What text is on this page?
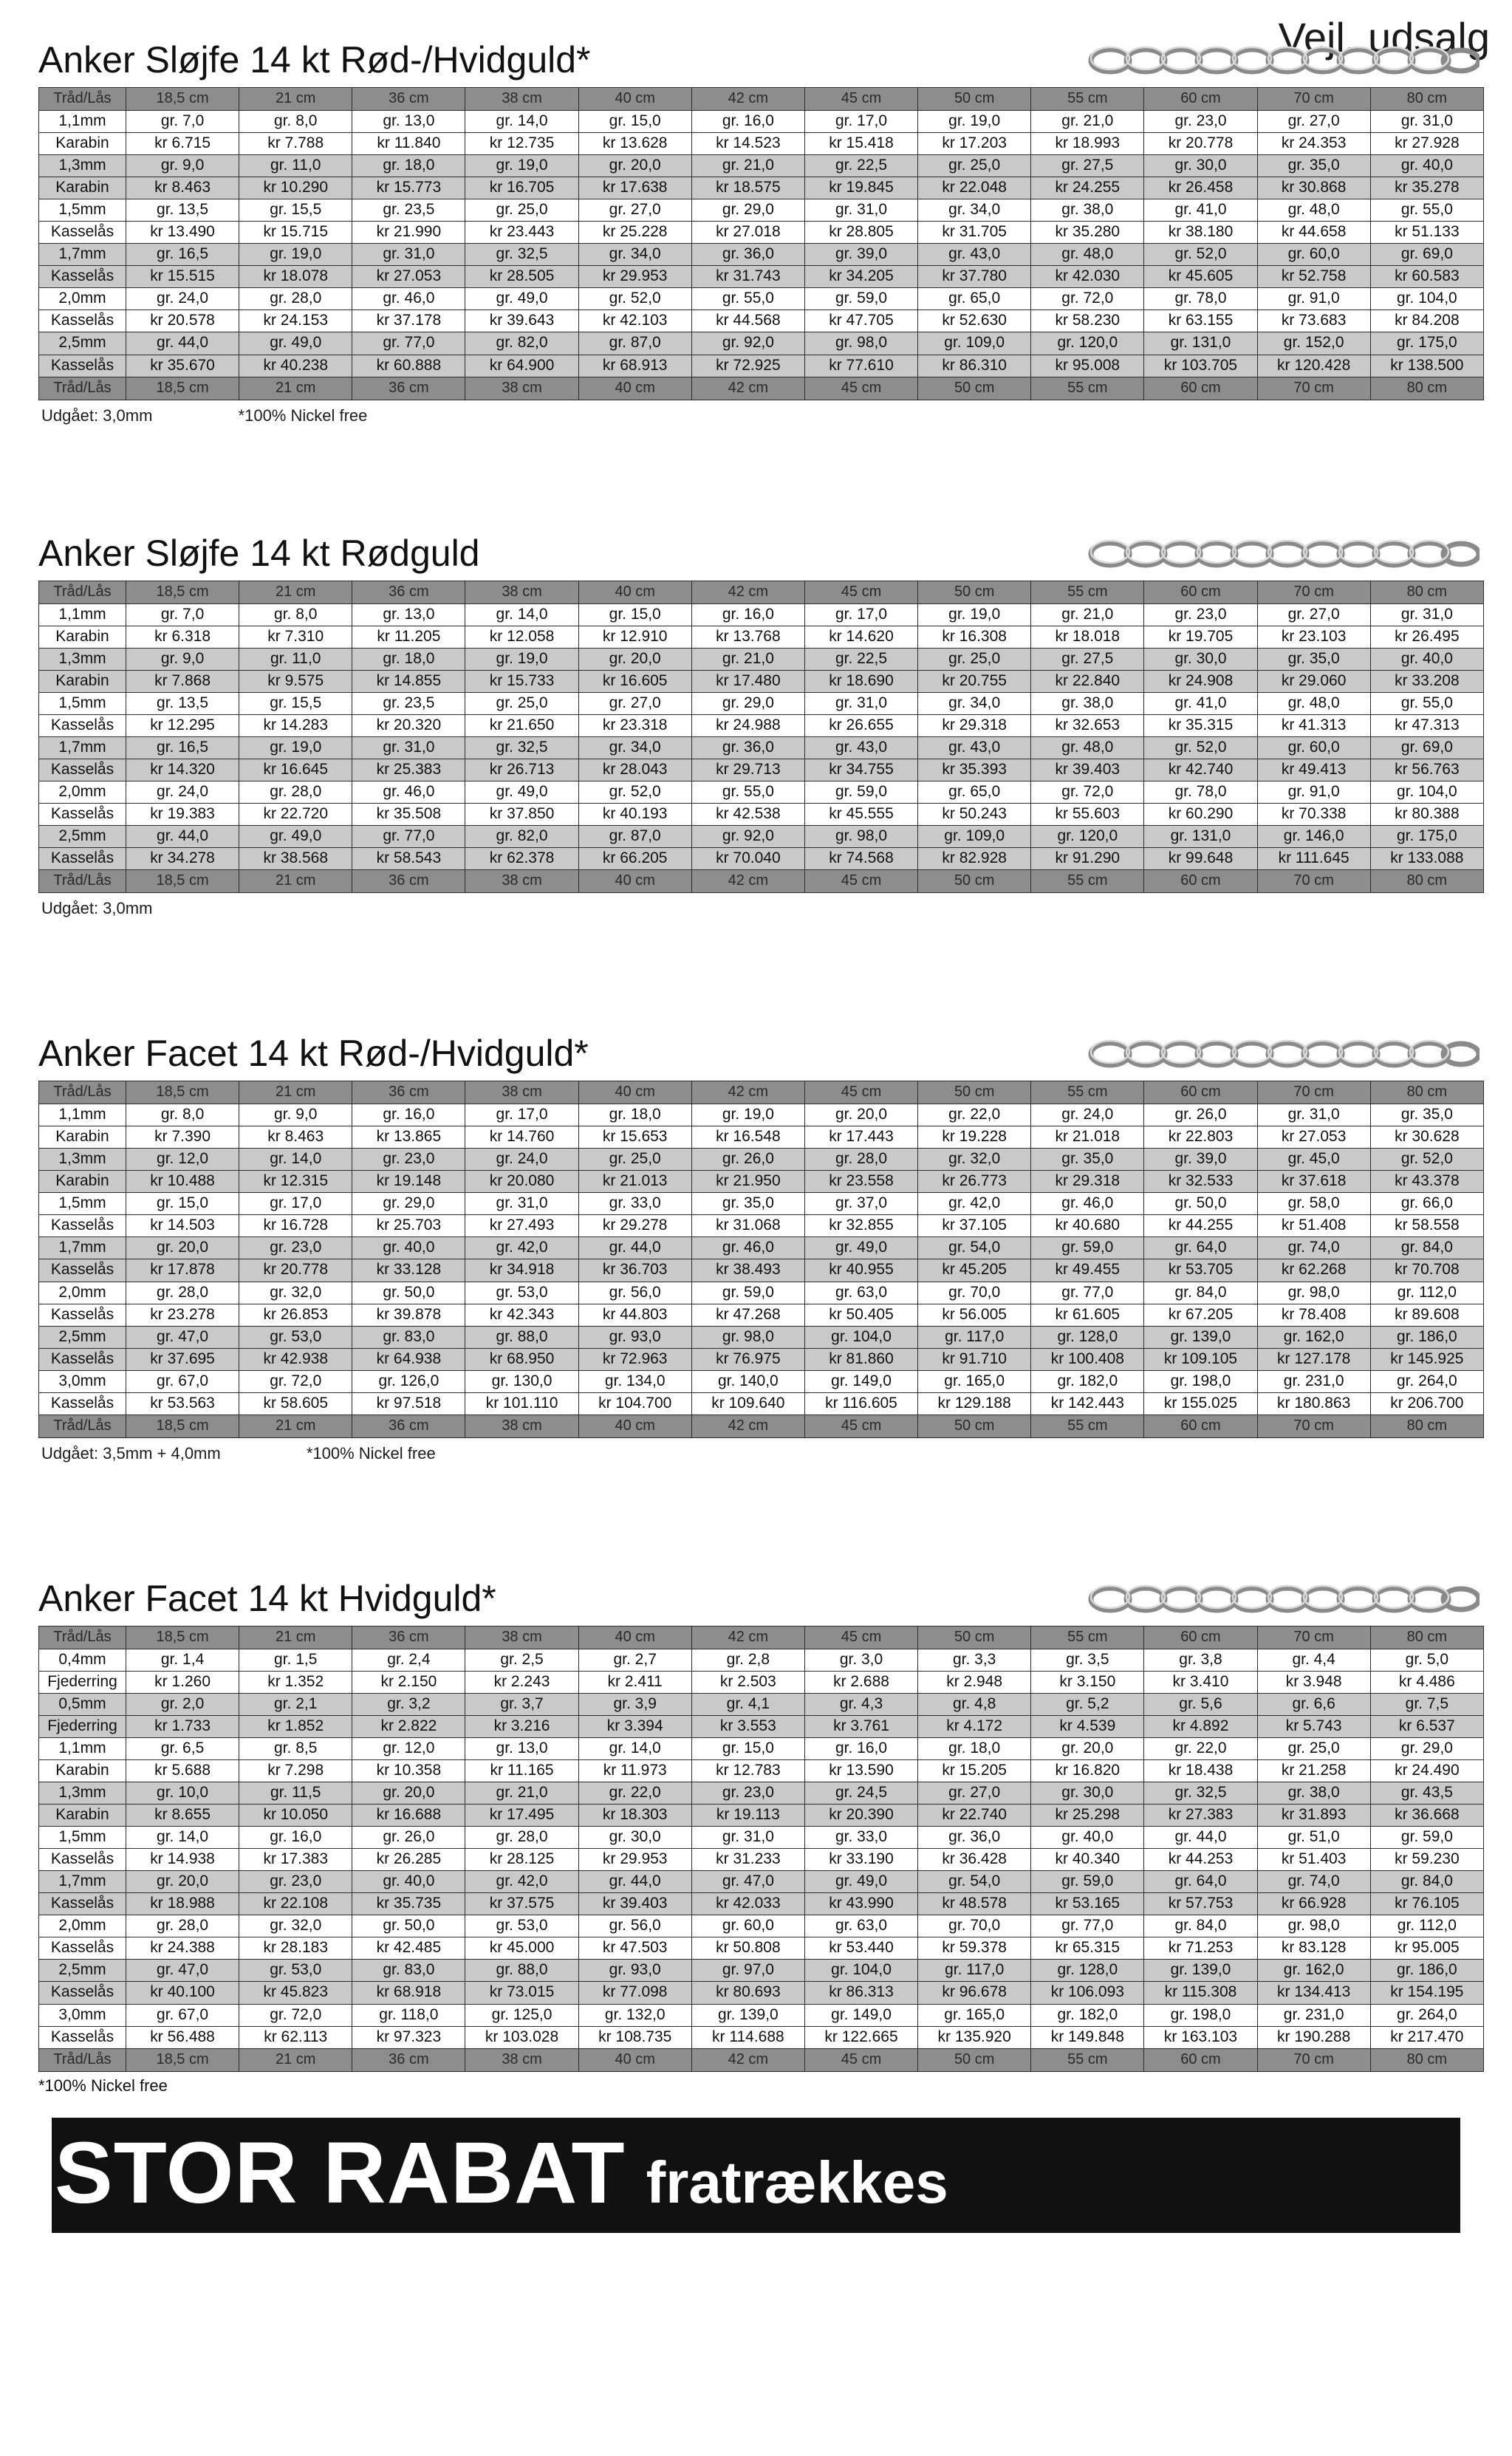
Vejl. udsalg
Anker Sløjfe 14 kt Rød-/Hvidguld*
Tråd/Lås	18,5 cm	21 cm	36 cm	38 cm	40 cm	42 cm	45 cm	50 cm	55 cm	60 cm	70 cm	80 cm
1,1mm	gr. 7,0	gr. 8,0	gr. 13,0	gr. 14,0	gr. 15,0	gr. 16,0	gr. 17,0	gr. 19,0	gr. 21,0	gr. 23,0	gr. 27,0	gr. 31,0
Karabin	kr 6.715	kr 7.788	kr 11.840	kr 12.735	kr 13.628	kr 14.523	kr 15.418	kr 17.203	kr 18.993	kr 20.778	kr 24.353	kr 27.928
1,3mm	gr. 9,0	gr. 11,0	gr. 18,0	gr. 19,0	gr. 20,0	gr. 21,0	gr. 22,5	gr. 25,0	gr. 27,5	gr. 30,0	gr. 35,0	gr. 40,0
Karabin	kr 8.463	kr 10.290	kr 15.773	kr 16.705	kr 17.638	kr 18.575	kr 19.845	kr 22.048	kr 24.255	kr 26.458	kr 30.868	kr 35.278
1,5mm	gr. 13,5	gr. 15,5	gr. 23,5	gr. 25,0	gr. 27,0	gr. 29,0	gr. 31,0	gr. 34,0	gr. 38,0	gr. 41,0	gr. 48,0	gr. 55,0
Kasselås	kr 13.490	kr 15.715	kr 21.990	kr 23.443	kr 25.228	kr 27.018	kr 28.805	kr 31.705	kr 35.280	kr 38.180	kr 44.658	kr 51.133
1,7mm	gr. 16,5	gr. 19,0	gr. 31,0	gr. 32,5	gr. 34,0	gr. 36,0	gr. 39,0	gr. 43,0	gr. 48,0	gr. 52,0	gr. 60,0	gr. 69,0
Kasselås	kr 15.515	kr 18.078	kr 27.053	kr 28.505	kr 29.953	kr 31.743	kr 34.205	kr 37.780	kr 42.030	kr 45.605	kr 52.758	kr 60.583
2,0mm	gr. 24,0	gr. 28,0	gr. 46,0	gr. 49,0	gr. 52,0	gr. 55,0	gr. 59,0	gr. 65,0	gr. 72,0	gr. 78,0	gr. 91,0	gr. 104,0
Kasselås	kr 20.578	kr 24.153	kr 37.178	kr 39.643	kr 42.103	kr 44.568	kr 47.705	kr 52.630	kr 58.230	kr 63.155	kr 73.683	kr 84.208
2,5mm	gr. 44,0	gr. 49,0	gr. 77,0	gr. 82,0	gr. 87,0	gr. 92,0	gr. 98,0	gr. 109,0	gr. 120,0	gr. 131,0	gr. 152,0	gr. 175,0
Kasselås	kr 35.670	kr 40.238	kr 60.888	kr 64.900	kr 68.913	kr 72.925	kr 77.610	kr 86.310	kr 95.008	kr 103.705	kr 120.428	kr 138.500
Tråd/Lås	18,5 cm	21 cm	36 cm	38 cm	40 cm	42 cm	45 cm	50 cm	55 cm	60 cm	70 cm	80 cm
Udgået: 3,0mm	*100% Nickel free
Anker Sløjfe 14 kt Rødguld
Tråd/Lås	18,5 cm	21 cm	36 cm	38 cm	40 cm	42 cm	45 cm	50 cm	55 cm	60 cm	70 cm	80 cm
1,1mm	gr. 7,0	gr. 8,0	gr. 13,0	gr. 14,0	gr. 15,0	gr. 16,0	gr. 17,0	gr. 19,0	gr. 21,0	gr. 23,0	gr. 27,0	gr. 31,0
Karabin	kr 6.318	kr 7.310	kr 11.205	kr 12.058	kr 12.910	kr 13.768	kr 14.620	kr 16.308	kr 18.018	kr 19.705	kr 23.103	kr 26.495
1,3mm	gr. 9,0	gr. 11,0	gr. 18,0	gr. 19,0	gr. 20,0	gr. 21,0	gr. 22,5	gr. 25,0	gr. 27,5	gr. 30,0	gr. 35,0	gr. 40,0
Karabin	kr 7.868	kr 9.575	kr 14.855	kr 15.733	kr 16.605	kr 17.480	kr 18.690	kr 20.755	kr 22.840	kr 24.908	kr 29.060	kr 33.208
1,5mm	gr. 13,5	gr. 15,5	gr. 23,5	gr. 25,0	gr. 27,0	gr. 29,0	gr. 31,0	gr. 34,0	gr. 38,0	gr. 41,0	gr. 48,0	gr. 55,0
Kasselås	kr 12.295	kr 14.283	kr 20.320	kr 21.650	kr 23.318	kr 24.988	kr 26.655	kr 29.318	kr 32.653	kr 35.315	kr 41.313	kr 47.313
1,7mm	gr. 16,5	gr. 19,0	gr. 31,0	gr. 32,5	gr. 34,0	gr. 36,0	gr. 43,0	gr. 43,0	gr. 48,0	gr. 52,0	gr. 60,0	gr. 69,0
Kasselås	kr 14.320	kr 16.645	kr 25.383	kr 26.713	kr 28.043	kr 29.713	kr 34.755	kr 35.393	kr 39.403	kr 42.740	kr 49.413	kr 56.763
2,0mm	gr. 24,0	gr. 28,0	gr. 46,0	gr. 49,0	gr. 52,0	gr. 55,0	gr. 59,0	gr. 65,0	gr. 72,0	gr. 78,0	gr. 91,0	gr. 104,0
Kasselås	kr 19.383	kr 22.720	kr 35.508	kr 37.850	kr 40.193	kr 42.538	kr 45.555	kr 50.243	kr 55.603	kr 60.290	kr 70.338	kr 80.388
2,5mm	gr. 44,0	gr. 49,0	gr. 77,0	gr. 82,0	gr. 87,0	gr. 92,0	gr. 98,0	gr. 109,0	gr. 120,0	gr. 131,0	gr. 146,0	gr. 175,0
Kasselås	kr 34.278	kr 38.568	kr 58.543	kr 62.378	kr 66.205	kr 70.040	kr 74.568	kr 82.928	kr 91.290	kr 99.648	kr 111.645	kr 133.088
Tråd/Lås	18,5 cm	21 cm	36 cm	38 cm	40 cm	42 cm	45 cm	50 cm	55 cm	60 cm	70 cm	80 cm
Udgået: 3,0mm
Anker Facet 14 kt Rød-/Hvidguld*
Tråd/Lås	18,5 cm	21 cm	36 cm	38 cm	40 cm	42 cm	45 cm	50 cm	55 cm	60 cm	70 cm	80 cm
1,1mm	gr. 8,0	gr. 9,0	gr. 16,0	gr. 17,0	gr. 18,0	gr. 19,0	gr. 20,0	gr. 22,0	gr. 24,0	gr. 26,0	gr. 31,0	gr. 35,0
Karabin	kr 7.390	kr 8.463	kr 13.865	kr 14.760	kr 15.653	kr 16.548	kr 17.443	kr 19.228	kr 21.018	kr 22.803	kr 27.053	kr 30.628
1,3mm	gr. 12,0	gr. 14,0	gr. 23,0	gr. 24,0	gr. 25,0	gr. 26,0	gr. 28,0	gr. 32,0	gr. 35,0	gr. 39,0	gr. 45,0	gr. 52,0
Karabin	kr 10.488	kr 12.315	kr 19.148	kr 20.080	kr 21.013	kr 21.950	kr 23.558	kr 26.773	kr 29.318	kr 32.533	kr 37.618	kr 43.378
1,5mm	gr. 15,0	gr. 17,0	gr. 29,0	gr. 31,0	gr. 33,0	gr. 35,0	gr. 37,0	gr. 42,0	gr. 46,0	gr. 50,0	gr. 58,0	gr. 66,0
Kasselås	kr 14.503	kr 16.728	kr 25.703	kr 27.493	kr 29.278	kr 31.068	kr 32.855	kr 37.105	kr 40.680	kr 44.255	kr 51.408	kr 58.558
1,7mm	gr. 20,0	gr. 23,0	gr. 40,0	gr. 42,0	gr. 44,0	gr. 46,0	gr. 49,0	gr. 54,0	gr. 59,0	gr. 64,0	gr. 74,0	gr. 84,0
Kasselås	kr 17.878	kr 20.778	kr 33.128	kr 34.918	kr 36.703	kr 38.493	kr 40.955	kr 45.205	kr 49.455	kr 53.705	kr 62.268	kr 70.708
2,0mm	gr. 28,0	gr. 32,0	gr. 50,0	gr. 53,0	gr. 56,0	gr. 59,0	gr. 63,0	gr. 70,0	gr. 77,0	gr. 84,0	gr. 98,0	gr. 112,0
Kasselås	kr 23.278	kr 26.853	kr 39.878	kr 42.343	kr 44.803	kr 47.268	kr 50.405	kr 56.005	kr 61.605	kr 67.205	kr 78.408	kr 89.608
2,5mm	gr. 47,0	gr. 53,0	gr. 83,0	gr. 88,0	gr. 93,0	gr. 98,0	gr. 104,0	gr. 117,0	gr. 128,0	gr. 139,0	gr. 162,0	gr. 186,0
Kasselås	kr 37.695	kr 42.938	kr 64.938	kr 68.950	kr 72.963	kr 76.975	kr 81.860	kr 91.710	kr 100.408	kr 109.105	kr 127.178	kr 145.925
3,0mm	gr. 67,0	gr. 72,0	gr. 126,0	gr. 130,0	gr. 134,0	gr. 140,0	gr. 149,0	gr. 165,0	gr. 182,0	gr. 198,0	gr. 231,0	gr. 264,0
Kasselås	kr 53.563	kr 58.605	kr 97.518	kr 101.110	kr 104.700	kr 109.640	kr 116.605	kr 129.188	kr 142.443	kr 155.025	kr 180.863	kr 206.700
Tråd/Lås	18,5 cm	21 cm	36 cm	38 cm	40 cm	42 cm	45 cm	50 cm	55 cm	60 cm	70 cm	80 cm
Udgået: 3,5mm + 4,0mm	*100% Nickel free
Anker Facet 14 kt Hvidguld*
Tråd/Lås	18,5 cm	21 cm	36 cm	38 cm	40 cm	42 cm	45 cm	50 cm	55 cm	60 cm	70 cm	80 cm
0,4mm	gr. 1,4	gr. 1,5	gr. 2,4	gr. 2,5	gr. 2,7	gr. 2,8	gr. 3,0	gr. 3,3	gr. 3,5	gr. 3,8	gr. 4,4	gr. 5,0
Fjederring	kr 1.260	kr 1.352	kr 2.150	kr 2.243	kr 2.411	kr 2.503	kr 2.688	kr 2.948	kr 3.150	kr 3.410	kr 3.948	kr 4.486
0,5mm	gr. 2,0	gr. 2,1	gr. 3,2	gr. 3,7	gr. 3,9	gr. 4,1	gr. 4,3	gr. 4,8	gr. 5,2	gr. 5,6	gr. 6,6	gr. 7,5
Fjederring	kr 1.733	kr 1.852	kr 2.822	kr 3.216	kr 3.394	kr 3.553	kr 3.761	kr 4.172	kr 4.539	kr 4.892	kr 5.743	kr 6.537
1,1mm	gr. 6,5	gr. 8,5	gr. 12,0	gr. 13,0	gr. 14,0	gr. 15,0	gr. 16,0	gr. 18,0	gr. 20,0	gr. 22,0	gr. 25,0	gr. 29,0
Karabin	kr 5.688	kr 7.298	kr 10.358	kr 11.165	kr 11.973	kr 12.783	kr 13.590	kr 15.205	kr 16.820	kr 18.438	kr 21.258	kr 24.490
1,3mm	gr. 10,0	gr. 11,5	gr. 20,0	gr. 21,0	gr. 22,0	gr. 23,0	gr. 24,5	gr. 27,0	gr. 30,0	gr. 32,5	gr. 38,0	gr. 43,5
Karabin	kr 8.655	kr 10.050	kr 16.688	kr 17.495	kr 18.303	kr 19.113	kr 20.390	kr 22.740	kr 25.298	kr 27.383	kr 31.893	kr 36.668
1,5mm	gr. 14,0	gr. 16,0	gr. 26,0	gr. 28,0	gr. 30,0	gr. 31,0	gr. 33,0	gr. 36,0	gr. 40,0	gr. 44,0	gr. 51,0	gr. 59,0
Kasselås	kr 14.938	kr 17.383	kr 26.285	kr 28.125	kr 29.953	kr 31.233	kr 33.190	kr 36.428	kr 40.340	kr 44.253	kr 51.403	kr 59.230
1,7mm	gr. 20,0	gr. 23,0	gr. 40,0	gr. 42,0	gr. 44,0	gr. 47,0	gr. 49,0	gr. 54,0	gr. 59,0	gr. 64,0	gr. 74,0	gr. 84,0
Kasselås	kr 18.988	kr 22.108	kr 35.735	kr 37.575	kr 39.403	kr 42.033	kr 43.990	kr 48.578	kr 53.165	kr 57.753	kr 66.928	kr 76.105
2,0mm	gr. 28,0	gr. 32,0	gr. 50,0	gr. 53,0	gr. 56,0	gr. 60,0	gr. 63,0	gr. 70,0	gr. 77,0	gr. 84,0	gr. 98,0	gr. 112,0
Kasselås	kr 24.388	kr 28.183	kr 42.485	kr 45.000	kr 47.503	kr 50.808	kr 53.440	kr 59.378	kr 65.315	kr 71.253	kr 83.128	kr 95.005
2,5mm	gr. 47,0	gr. 53,0	gr. 83,0	gr. 88,0	gr. 93,0	gr. 97,0	gr. 104,0	gr. 117,0	gr. 128,0	gr. 139,0	gr. 162,0	gr. 186,0
Kasselås	kr 40.100	kr 45.823	kr 68.918	kr 73.015	kr 77.098	kr 80.693	kr 86.313	kr 96.678	kr 106.093	kr 115.308	kr 134.413	kr 154.195
3,0mm	gr. 67,0	gr. 72,0	gr. 118,0	gr. 125,0	gr. 132,0	gr. 139,0	gr. 149,0	gr. 165,0	gr. 182,0	gr. 198,0	gr. 231,0	gr. 264,0
Kasselås	kr 56.488	kr 62.113	kr 97.323	kr 103.028	kr 108.735	kr 114.688	kr 122.665	kr 135.920	kr 149.848	kr 163.103	kr 190.288	kr 217.470
Tråd/Lås	18,5 cm	21 cm	36 cm	38 cm	40 cm	42 cm	45 cm	50 cm	55 cm	60 cm	70 cm	80 cm
*100% Nickel free
STOR RABAT fratrækkes
